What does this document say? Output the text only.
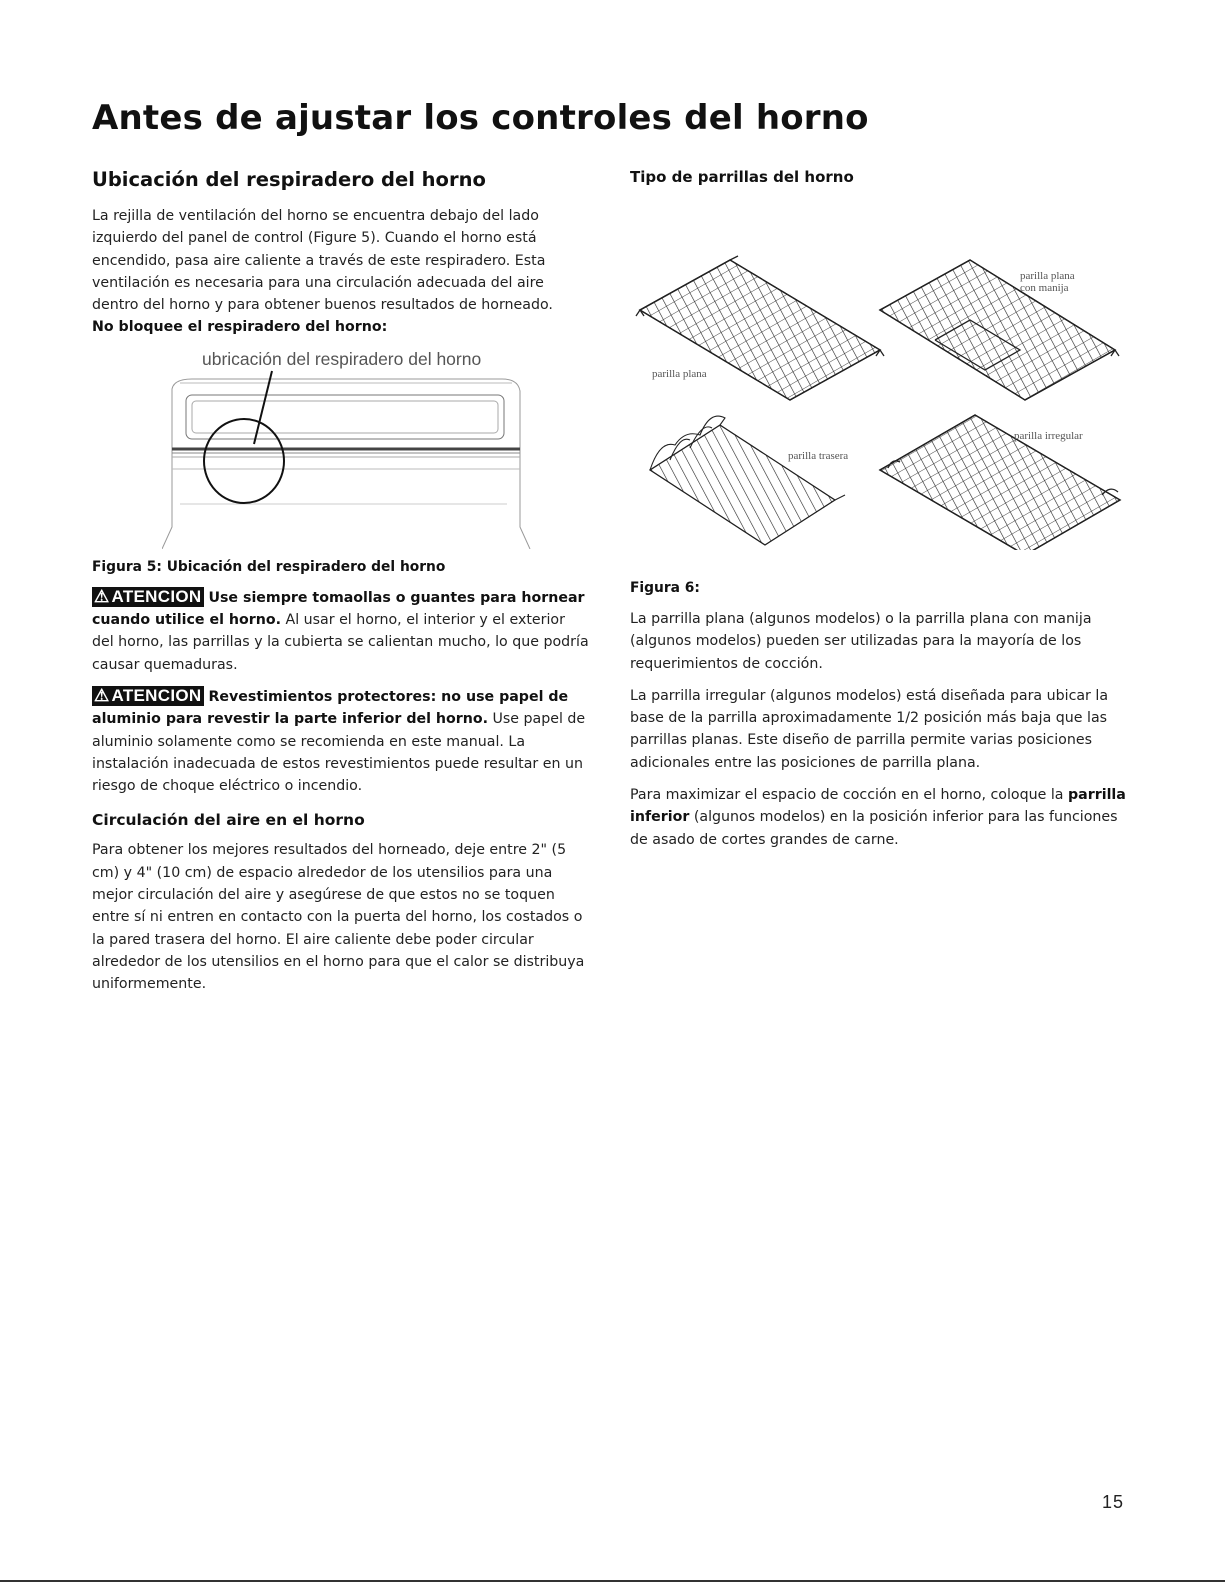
Antes de ajustar los controles del horno
Ubicación del respiradero del horno

La rejilla de ventilación del horno se encuentra debajo del lado izquierdo del panel de control (Figure 5). Cuando el horno está encendido, pasa aire caliente a través de este respiradero. Esta ventilación es necesaria para una circulación adecuada del aire dentro del horno y para obtener buenos resultados de horneado.
No bloquee el respiradero del horno:

ubricación del respiradero del horno
Figura 5: Ubicación del respiradero del horno

⚠ ATENCION Use siempre tomaollas o guantes para hornear cuando utilice el horno. Al usar el horno, el interior y el exterior del horno, las parrillas y la cubierta se calientan mucho, lo que podría causar quemaduras.

⚠ ATENCION Revestimientos protectores: no use papel de aluminio para revestir la parte inferior del horno. Use papel de aluminio solamente como se recomienda en este manual. La instalación inadecuada de estos revestimientos puede resultar en un riesgo de choque eléctrico o incendio.

Circulación del aire en el horno

Para obtener los mejores resultados del horneado, deje entre 2" (5 cm) y 4" (10 cm) de espacio alrededor de los utensilios para una mejor circulación del aire y asegúrese de que estos no se toquen entre sí ni entren en contacto con la puerta del horno, los costados o la pared trasera del horno. El aire caliente debe poder circular alrededor de los utensilios en el horno para que el calor se distribuya uniformemente.

Tipo de parrillas del horno
parilla plana
parilla plana
con manija
parilla trasera
parilla irregular
Figura 6:

La parrilla plana (algunos modelos) o la parrilla plana con manija (algunos modelos) pueden ser utilizadas para la mayoría de los requerimientos de cocción.

La parrilla irregular (algunos modelos) está diseñada para ubicar la base de la parrilla aproximadamente 1/2 posición más baja que las parrillas planas. Este diseño de parrilla permite varias posiciones adicionales entre las posiciones de parrilla plana.

Para maximizar el espacio de cocción en el horno, coloque la parrilla inferior (algunos modelos) en la posición inferior para las funciones de asado de cortes grandes de carne.

15
